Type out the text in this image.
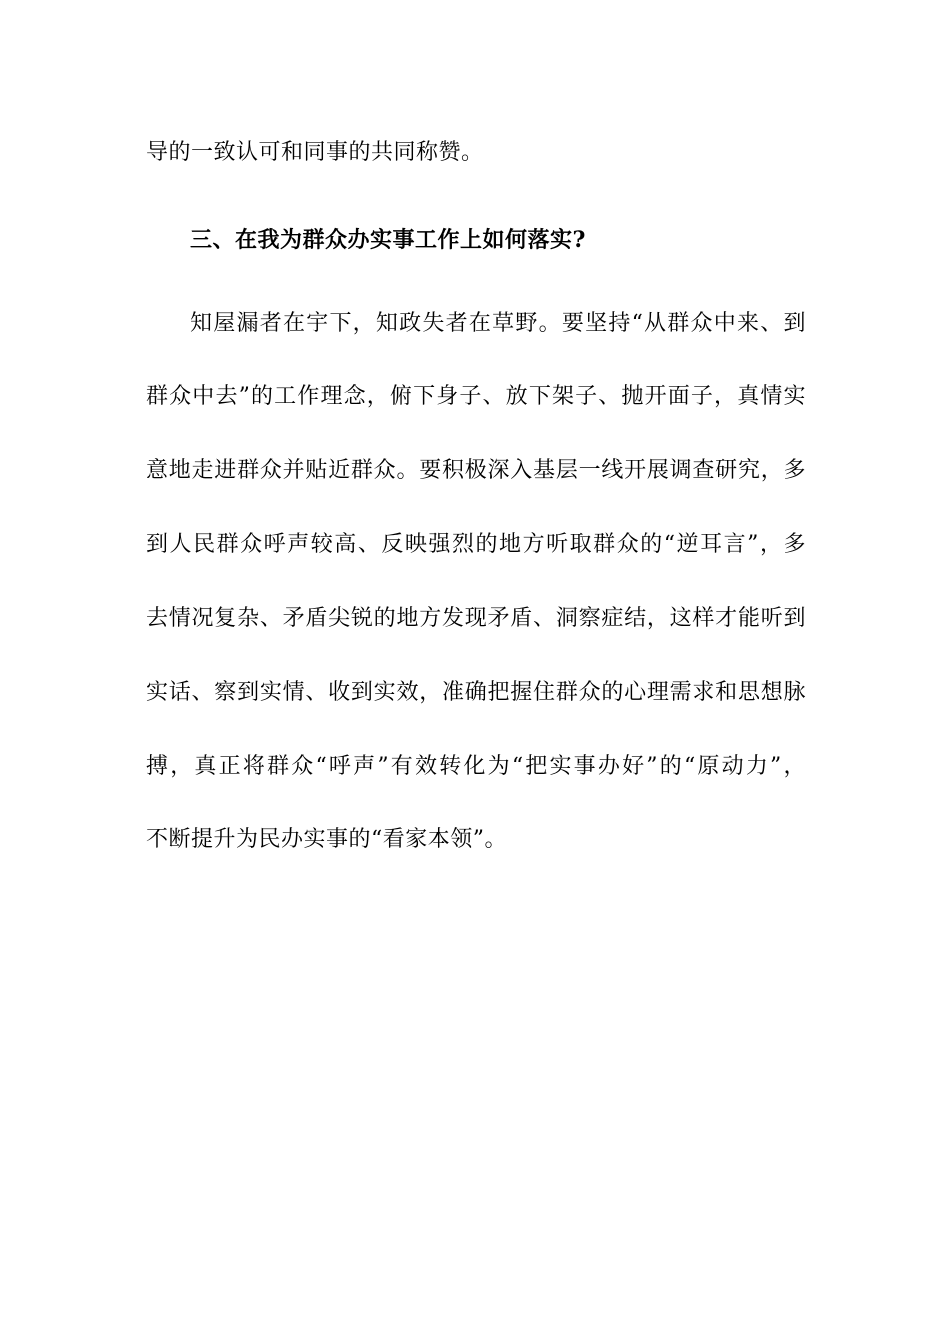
导的一致认可和同事的共同称赞。
三、在我为群众办实事工作上如何落实?
知屋漏者在宇下，知政失者在草野。要坚持“从群众中来、到
群众中去”的工作理念，俯下身子、放下架子、抛开面子，真情实
意地走进群众并贴近群众。要积极深入基层一线开展调查研究，多
到人民群众呼声较高、反映强烈的地方听取群众的“逆耳言”，多
去情况复杂、矛盾尖锐的地方发现矛盾、洞察症结，这样才能听到
实话、察到实情、收到实效，准确把握住群众的心理需求和思想脉
搏，真正将群众“呼声”有效转化为“把实事办好”的“原动力”，
不断提升为民办实事的“看家本领”。
